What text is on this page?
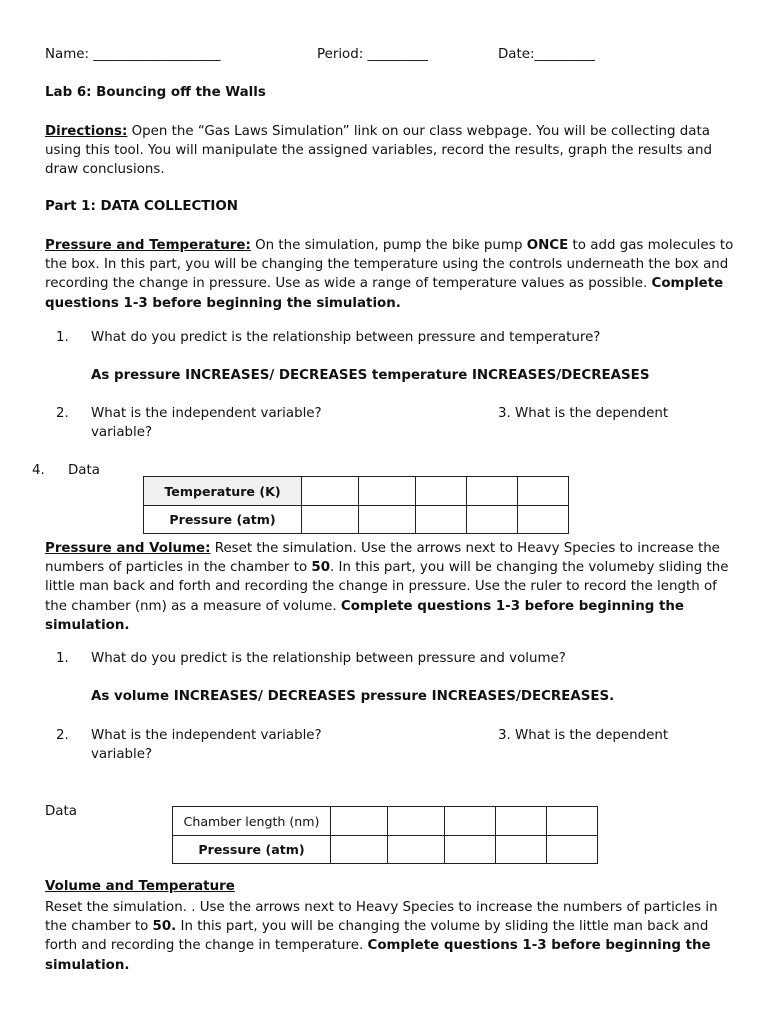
Name: ___________________	Period: _________	Date:_________
Lab 6: Bouncing off the Walls
Directions: Open the “Gas Laws Simulation” link on our class webpage. You will be collecting data using this tool. You will manipulate the assigned variables, record the results, graph the results and draw conclusions.
Part 1: DATA COLLECTION
Pressure and Temperature: On the simulation, pump the bike pump ONCE to add gas molecules to the box. In this part, you will be changing the temperature using the controls underneath the box and recording the change in pressure. Use as wide a range of temperature values as possible. Complete questions 1-3 before beginning the simulation.
1. What do you predict is the relationship between pressure and temperature?
As pressure INCREASES/ DECREASES temperature INCREASES/DECREASES
2. What is the independent variable?	3. What is the dependent
variable?
4. Data
Temperature (K)					
Pressure (atm)					
Pressure and Volume: Reset the simulation. Use the arrows next to Heavy Species to increase the numbers of particles in the chamber to 50. In this part, you will be changing the volumeby sliding the little man back and forth and recording the change in pressure. Use the ruler to record the length of the chamber (nm) as a measure of volume. Complete questions 1-3 before beginning the simulation.
1. What do you predict is the relationship between pressure and volume?
As volume INCREASES/ DECREASES pressure INCREASES/DECREASES.
2. What is the independent variable?	3. What is the dependent
variable?
Data
Chamber length (nm)					
Pressure (atm)					
Volume and Temperature
Reset the simulation. . Use the arrows next to Heavy Species to increase the numbers of particles in the chamber to 50. In this part, you will be changing the volume by sliding the little man back and forth and recording the change in temperature. Complete questions 1-3 before beginning the simulation.
